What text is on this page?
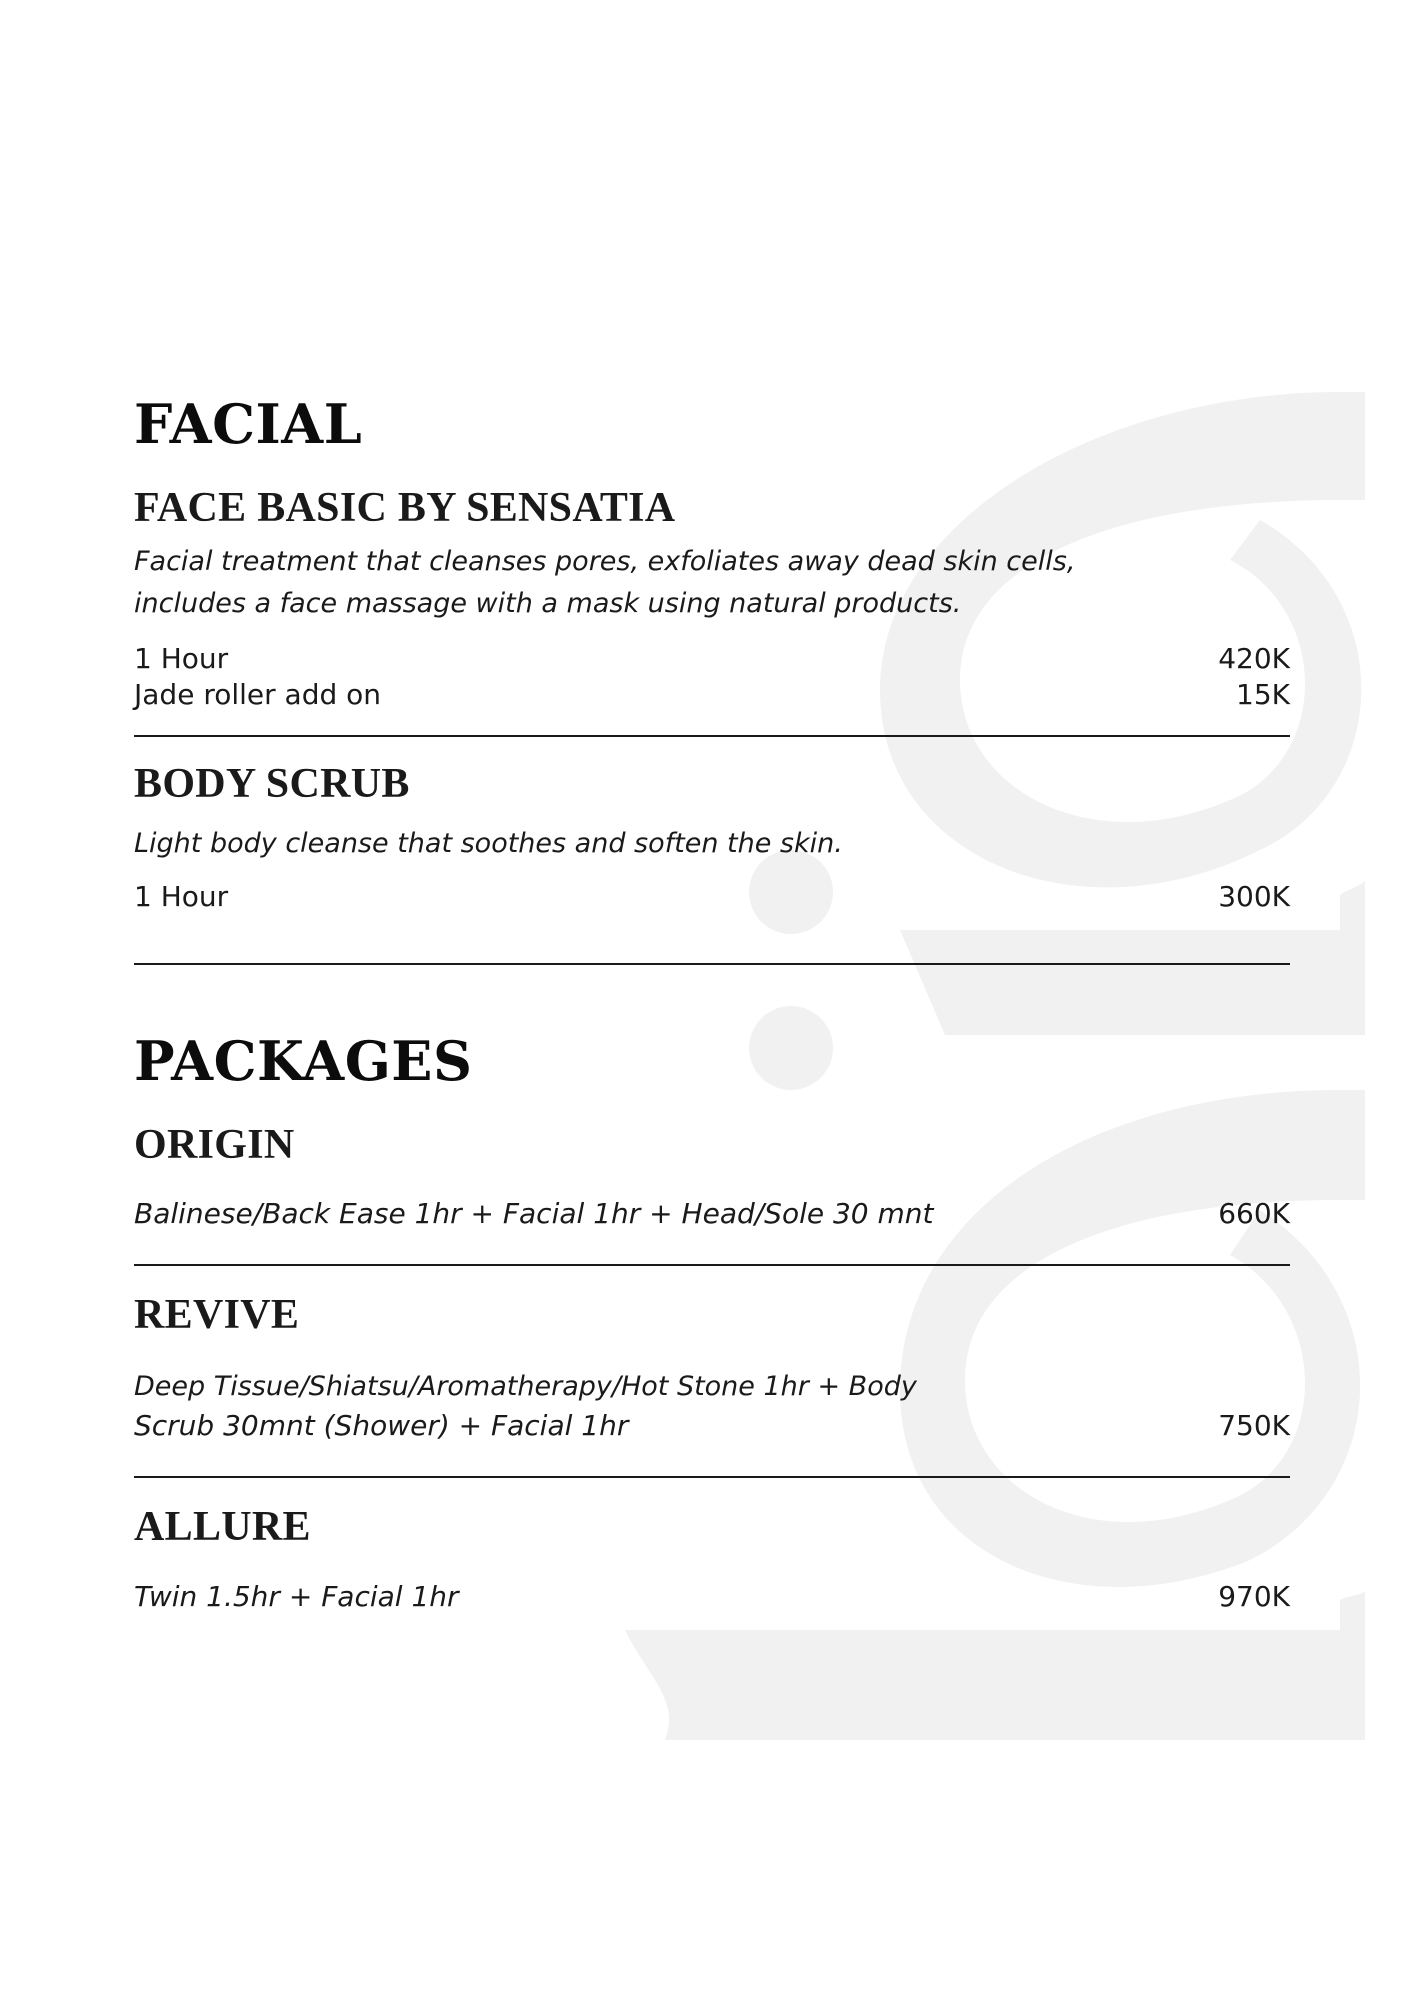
FACIAL
FACE BASIC BY SENSATIA

Facial treatment that cleanses pores, exfoliates away dead skin cells,

includes a face massage with a mask using natural products.

1 Hour	420K
Jade roller add on	15K
BODY SCRUB

Light body cleanse that soothes and soften the skin.

1 Hour	300K
PACKAGES
ORIGIN
Balinese/Back Ease 1hr + Facial 1hr + Head/Sole 30 mnt	660K
REVIVE

Deep Tissue/Shiatsu/Aromatherapy/Hot Stone 1hr + Body

Scrub 30mnt (Shower) + Facial 1hr	750K
ALLURE
Twin 1.5hr + Facial 1hr	970K
